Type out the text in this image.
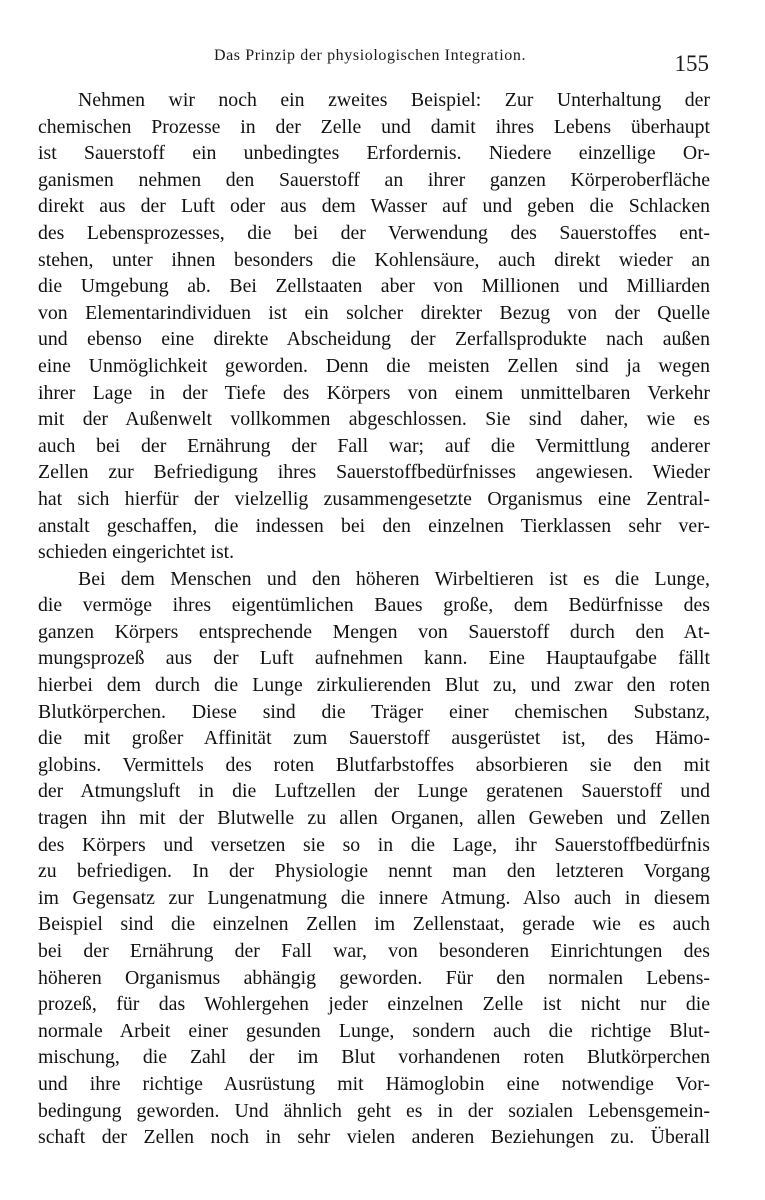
Das Prinzip der physiologischen Integration.	155
Nehmen wir noch ein zweites Beispiel: Zur Unterhaltung der
chemischen Prozesse in der Zelle und damit ihres Lebens überhaupt
ist Sauerstoff ein unbedingtes Erfordernis. Niedere einzellige Or-
ganismen nehmen den Sauerstoff an ihrer ganzen Körperoberfläche
direkt aus der Luft oder aus dem Wasser auf und geben die Schlacken
des Lebensprozesses, die bei der Verwendung des Sauerstoffes ent-
stehen, unter ihnen besonders die Kohlensäure, auch direkt wieder an
die Umgebung ab. Bei Zellstaaten aber von Millionen und Milliarden
von Elementarindividuen ist ein solcher direkter Bezug von der Quelle
und ebenso eine direkte Abscheidung der Zerfallsprodukte nach außen
eine Unmöglichkeit geworden. Denn die meisten Zellen sind ja wegen
ihrer Lage in der Tiefe des Körpers von einem unmittelbaren Verkehr
mit der Außenwelt vollkommen abgeschlossen. Sie sind daher, wie es
auch bei der Ernährung der Fall war; auf die Vermittlung anderer
Zellen zur Befriedigung ihres Sauerstoffbedürfnisses angewiesen. Wieder
hat sich hierfür der vielzellig zusammengesetzte Organismus eine Zentral-
anstalt geschaffen, die indessen bei den einzelnen Tierklassen sehr ver-
schieden eingerichtet ist.
Bei dem Menschen und den höheren Wirbeltieren ist es die Lunge,
die vermöge ihres eigentümlichen Baues große, dem Bedürfnisse des
ganzen Körpers entsprechende Mengen von Sauerstoff durch den At-
mungsprozeß aus der Luft aufnehmen kann. Eine Hauptaufgabe fällt
hierbei dem durch die Lunge zirkulierenden Blut zu, und zwar den roten
Blutkörperchen. Diese sind die Träger einer chemischen Substanz,
die mit großer Affinität zum Sauerstoff ausgerüstet ist, des Hämo-
globins. Vermittels des roten Blutfarbstoffes absorbieren sie den mit
der Atmungsluft in die Luftzellen der Lunge geratenen Sauerstoff und
tragen ihn mit der Blutwelle zu allen Organen, allen Geweben und Zellen
des Körpers und versetzen sie so in die Lage, ihr Sauerstoffbedürfnis
zu befriedigen. In der Physiologie nennt man den letzteren Vorgang
im Gegensatz zur Lungenatmung die innere Atmung. Also auch in diesem
Beispiel sind die einzelnen Zellen im Zellenstaat, gerade wie es auch
bei der Ernährung der Fall war, von besonderen Einrichtungen des
höheren Organismus abhängig geworden. Für den normalen Lebens-
prozeß, für das Wohlergehen jeder einzelnen Zelle ist nicht nur die
normale Arbeit einer gesunden Lunge, sondern auch die richtige Blut-
mischung, die Zahl der im Blut vorhandenen roten Blutkörperchen
und ihre richtige Ausrüstung mit Hämoglobin eine notwendige Vor-
bedingung geworden. Und ähnlich geht es in der sozialen Lebensgemein-
schaft der Zellen noch in sehr vielen anderen Beziehungen zu. Überall
